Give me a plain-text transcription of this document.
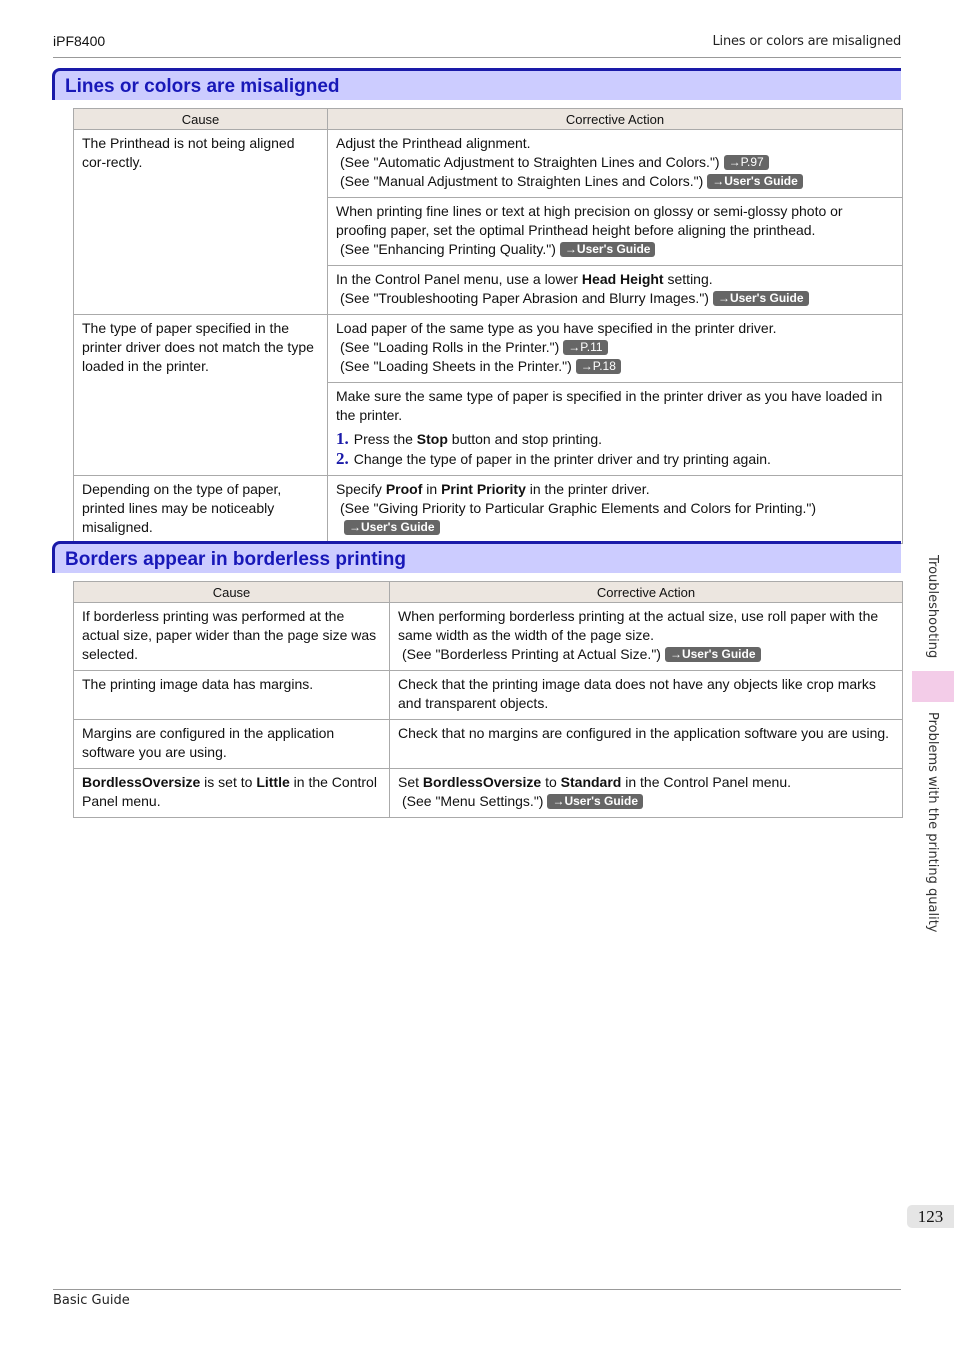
iPF8400	Lines or colors are misaligned
Lines or colors are misaligned
Cause	Corrective Action
The Printhead is not being aligned cor-rectly.	Adjust the Printhead alignment.
(See "Automatic Adjustment to Straighten Lines and Colors.") →P.97
(See "Manual Adjustment to Straighten Lines and Colors.") →User's Guide

	When printing fine lines or text at high precision on glossy or semi-glossy photo or proofing paper, set the optimal Printhead height before aligning the printhead.
(See "Enhancing Printing Quality.") →User's Guide

	In the Control Panel menu, use a lower Head Height setting.
(See "Troubleshooting Paper Abrasion and Blurry Images.") →User's Guide

The type of paper specified in the printer driver does not match the type loaded in the printer.	Load paper of the same type as you have specified in the printer driver.
(See "Loading Rolls in the Printer.") →P.11
(See "Loading Sheets in the Printer.") →P.18

	Make sure the same type of paper is specified in the printer driver as you have loaded in the printer.
1. Press the Stop button and stop printing.
2. Change the type of paper in the printer driver and try printing again.

Depending on the type of paper, printed lines may be noticeably misaligned.	Specify Proof in Print Priority in the printer driver.
(See "Giving Priority to Particular Graphic Elements and Colors for Printing.")→User's Guide
Borders appear in borderless printing
Cause	Corrective Action
If borderless printing was performed at the actual size, paper wider than the page size was selected.	When performing borderless printing at the actual size, use roll paper with the same width as the width of the page size.
(See "Borderless Printing at Actual Size.") →User's Guide

The printing image data has margins.	Check that the printing image data does not have any objects like crop marks and transparent objects.
Margins are configured in the application software you are using.	Check that no margins are configured in the application software you are using.
BordlessOversize is set to Little in the Control Panel menu.	Set BordlessOversize to Standard in the Control Panel menu.
(See "Menu Settings.") →User's Guide
Troubleshooting
Problems with the printing quality
123
Basic Guide
